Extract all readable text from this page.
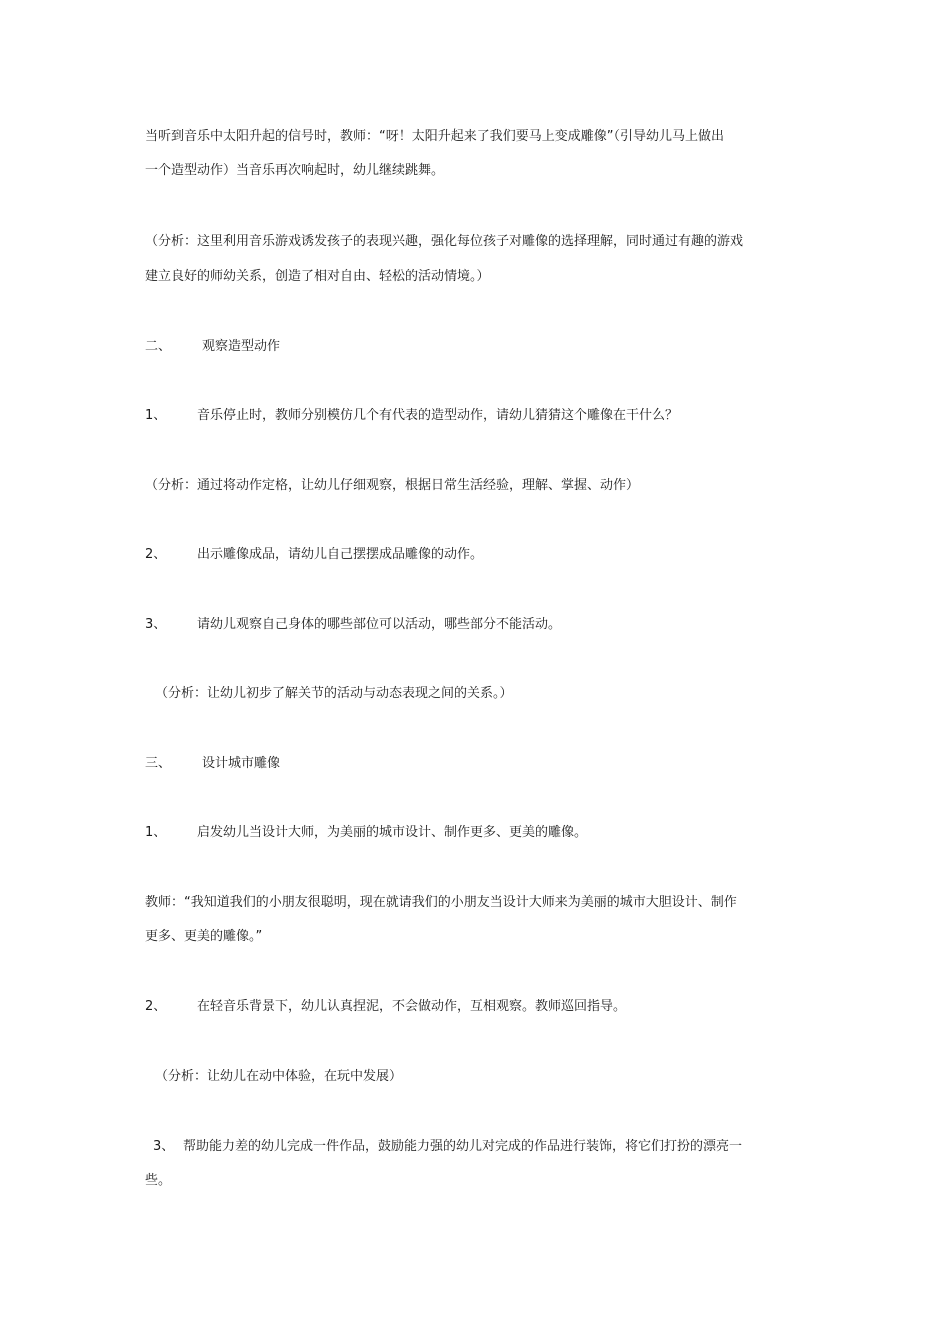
当听到音乐中太阳升起的信号时，教师：“呀！太阳升起来了我们要马上变成雕像”（引导幼儿马上做出
一个造型动作）当音乐再次响起时，幼儿继续跳舞。
（分析：这里利用音乐游戏诱发孩子的表现兴趣，强化每位孩子对雕像的选择理解，同时通过有趣的游戏
建立良好的师幼关系，创造了相对自由、轻松的活动情境。）
二、 观察造型动作
1、 音乐停止时，教师分别模仿几个有代表的造型动作，请幼儿猜猜这个雕像在干什么？
（分析：通过将动作定格，让幼儿仔细观察，根据日常生活经验，理解、掌握、动作）
2、 出示雕像成品，请幼儿自己摆摆成品雕像的动作。
3、 请幼儿观察自己身体的哪些部位可以活动，哪些部分不能活动。
（分析：让幼儿初步了解关节的活动与动态表现之间的关系。）
三、 设计城市雕像
1、 启发幼儿当设计大师，为美丽的城市设计、制作更多、更美的雕像。
教师：“我知道我们的小朋友很聪明，现在就请我们的小朋友当设计大师来为美丽的城市大胆设计、制作
更多、更美的雕像。”
2、 在轻音乐背景下，幼儿认真捏泥，不会做动作，互相观察。教师巡回指导。
（分析：让幼儿在动中体验，在玩中发展）
3、 帮助能力差的幼儿完成一件作品，鼓励能力强的幼儿对完成的作品进行装饰，将它们打扮的漂亮一
些。
